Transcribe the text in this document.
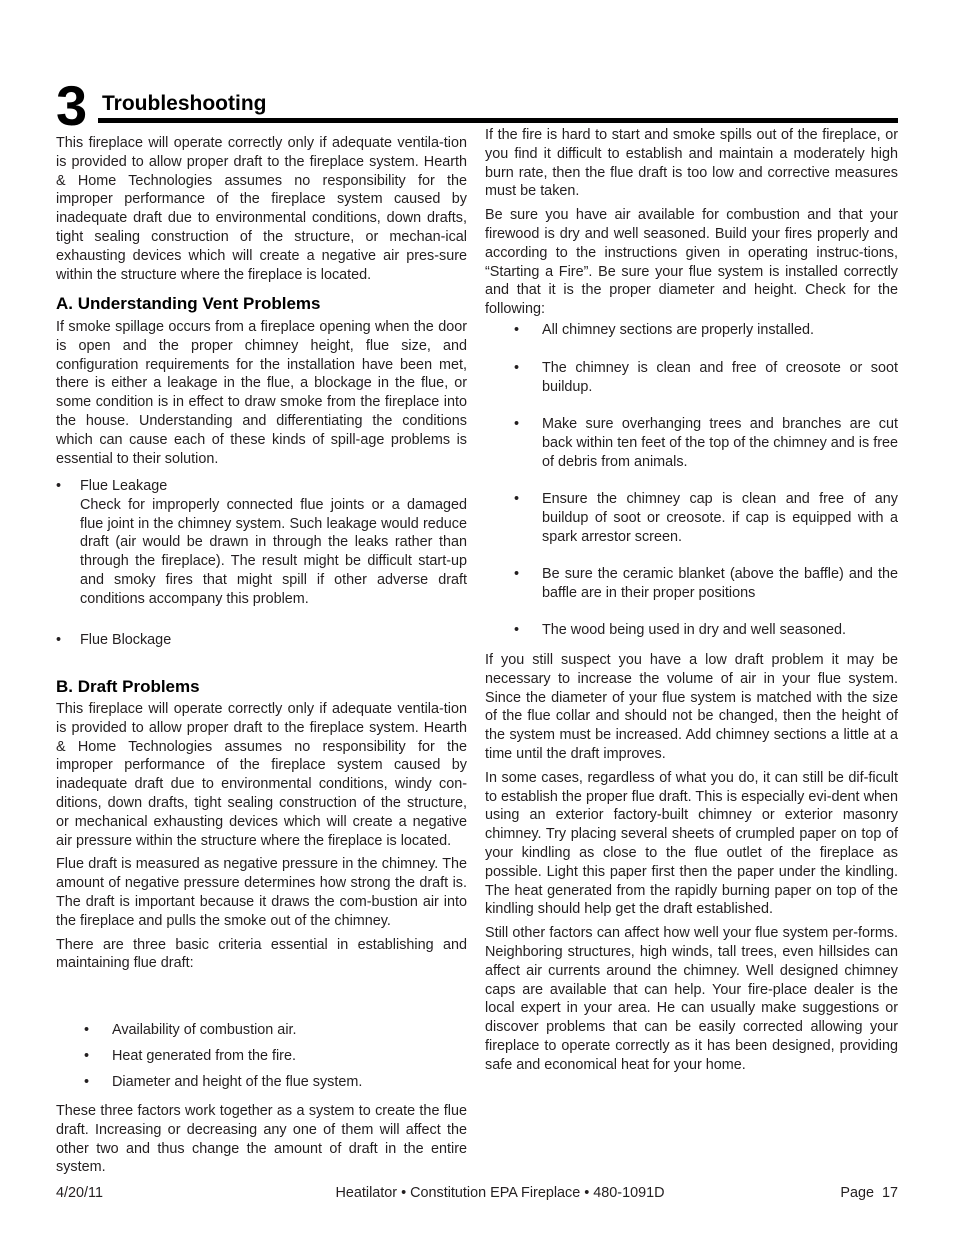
3 Troubleshooting

This fireplace will operate correctly only if adequate ventila-tion is provided to allow proper draft to the fireplace system. Hearth & Home Technologies assumes no responsibility for the improper performance of the fireplace system caused by inadequate draft due to environmental conditions, down drafts, tight sealing construction of the structure, or mechan-ical exhausting devices which will create a negative air pres-sure within the structure where the fireplace is located.

A. Understanding Vent Problems

If smoke spillage occurs from a fireplace opening when the door is open and the proper chimney height, flue size, and configuration requirements for the installation have been met, there is either a leakage in the flue, a blockage in the flue, or some condition is in effect to draw smoke from the fireplace into the house. Understanding and differentiating the conditions which can cause each of these kinds of spill-age problems is essential to their solution.

• Flue Leakage

Check for improperly connected flue joints or a damaged flue joint in the chimney system. Such leakage would reduce draft (air would be drawn in through the leaks rather than through the fireplace). The result might be difficult start-up and smoky fires that might spill if other adverse draft conditions accompany this problem.

• Flue Blockage
B. Draft Problems

This fireplace will operate correctly only if adequate ventila-tion is provided to allow proper draft to the fireplace system. Hearth & Home Technologies assumes no responsibility for the improper performance of the fireplace system caused by inadequate draft due to environmental conditions, windy con-ditions, down drafts, tight sealing construction of the structure, or mechanical exhausting devices which will create a negative air pressure within the structure where the fireplace is located.

Flue draft is measured as negative pressure in the chimney. The amount of negative pressure determines how strong the draft is. The draft is important because it draws the com-bustion air into the fireplace and pulls the smoke out of the chimney.

There are three basic criteria essential in establishing and maintaining flue draft:

• Availability of combustion air.
• Heat generated from the fire.
• Diameter and height of the flue system.

These three factors work together as a system to create the flue draft. Increasing or decreasing any one of them will affect the other two and thus change the amount of draft in the entire system.

If the fire is hard to start and smoke spills out of the fireplace, or you find it difficult to establish and maintain a moderately high burn rate, then the flue draft is too low and corrective measures must be taken.

Be sure you have air available for combustion and that your firewood is dry and well seasoned. Build your fires properly and according to the instructions given in operating instruc-tions, “Starting a Fire”. Be sure your flue system is installed correctly and that it is the proper diameter and height. Check for the following:

• All chimney sections are properly installed.
• The chimney is clean and free of creosote or soot buildup.
• Make sure overhanging trees and branches are cut back within ten feet of the top of the chimney and is free of debris from animals.
• Ensure the chimney cap is clean and free of any buildup of soot or creosote. if cap is equipped with a spark arrestor screen.
• Be sure the ceramic blanket (above the baffle) and the baffle are in their proper positions
• The wood being used in dry and well seasoned.

If you still suspect you have a low draft problem it may be necessary to increase the volume of air in your flue system. Since the diameter of your flue system is matched with the size of the flue collar and should not be changed, then the height of the system must be increased. Add chimney sections a little at a time until the draft improves.

In some cases, regardless of what you do, it can still be dif-ficult to establish the proper flue draft. This is especially evi-dent when using an exterior factory-built chimney or exterior masonry chimney. Try placing several sheets of crumpled paper on top of your kindling as close to the flue outlet of the fireplace as possible. Light this paper first then the paper under the kindling. The heat generated from the rapidly burning paper on top of the kindling should help get the draft established.

Still other factors can affect how well your flue system per-forms. Neighboring structures, high winds, tall trees, even hillsides can affect air currents around the chimney. Well designed chimney caps are available that can help. Your fire-place dealer is the local expert in your area. He can usually make suggestions or discover problems that can be easily corrected allowing your fireplace to operate correctly as it has been designed, providing safe and economical heat for your home.

4/20/11	Heatilator • Constitution EPA Fireplace • 480-1091D	Page  17
